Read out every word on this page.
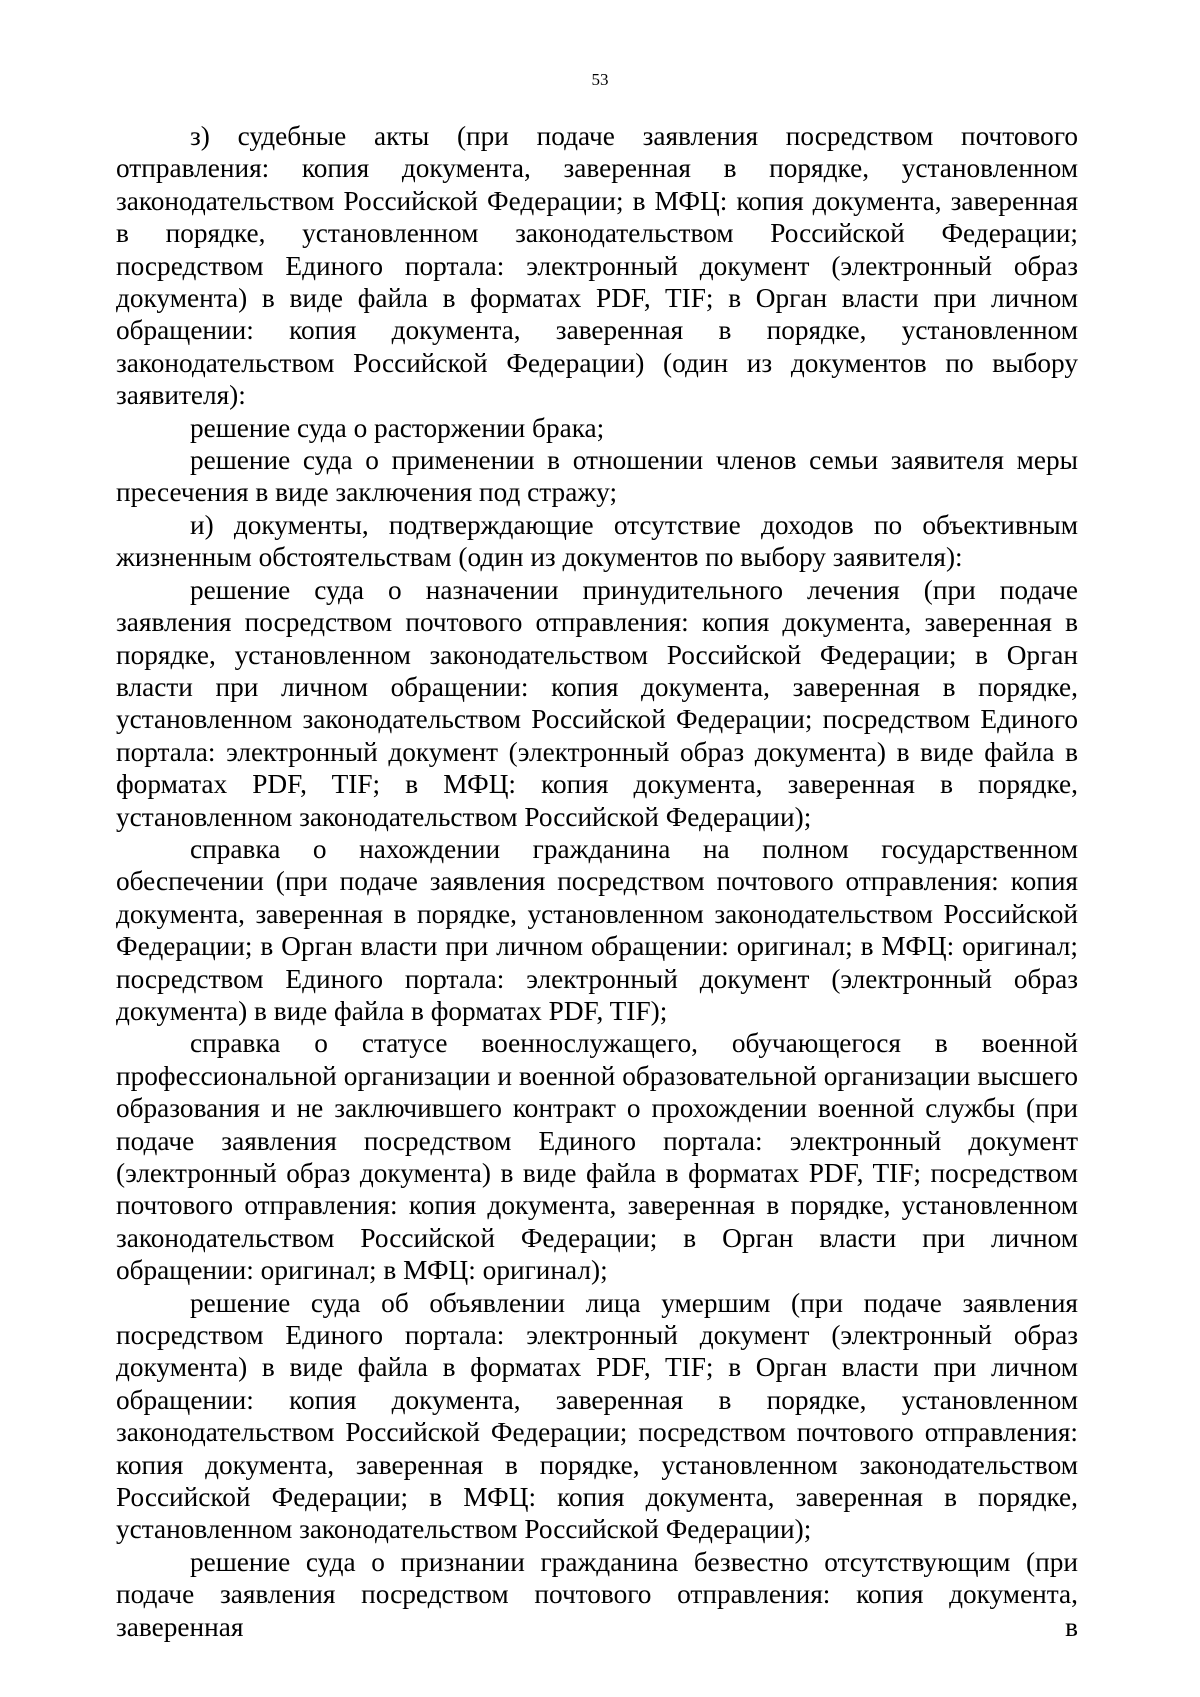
53

з) судебные акты (при подаче заявления посредством почтового отправления: копия документа, заверенная в порядке, установленном законодательством Российской Федерации; в МФЦ: копия документа, заверенная в порядке, установленном законодательством Российской Федерации; посредством Единого портала: электронный документ (электронный образ документа) в виде файла в форматах PDF, TIF; в Орган власти при личном обращении: копия документа, заверенная в порядке, установленном законодательством Российской Федерации) (один из документов по выбору заявителя):

решение суда о расторжении брака;

решение суда о применении в отношении членов семьи заявителя меры пресечения в виде заключения под стражу;

и) документы, подтверждающие отсутствие доходов по объективным жизненным обстоятельствам (один из документов по выбору заявителя):

решение суда о назначении принудительного лечения (при подаче заявления посредством почтового отправления: копия документа, заверенная в порядке, установленном законодательством Российской Федерации; в Орган власти при личном обращении: копия документа, заверенная в порядке, установленном законодательством Российской Федерации; посредством Единого портала: электронный документ (электронный образ документа) в виде файла в форматах PDF, TIF; в МФЦ: копия документа, заверенная в порядке, установленном законодательством Российской Федерации);

справка о нахождении гражданина на полном государственном обеспечении (при подаче заявления посредством почтового отправления: копия документа, заверенная в порядке, установленном законодательством Российской Федерации; в Орган власти при личном обращении: оригинал; в МФЦ: оригинал; посредством Единого портала: электронный документ (электронный образ документа) в виде файла в форматах PDF, TIF);

справка о статусе военнослужащего, обучающегося в военной профессиональной организации и военной образовательной организации высшего образования и не заключившего контракт о прохождении военной службы (при подаче заявления посредством Единого портала: электронный документ (электронный образ документа) в виде файла в форматах PDF, TIF; посредством почтового отправления: копия документа, заверенная в порядке, установленном законодательством Российской Федерации; в Орган власти при личном обращении: оригинал; в МФЦ: оригинал);

решение суда об объявлении лица умершим (при подаче заявления посредством Единого портала: электронный документ (электронный образ документа) в виде файла в форматах PDF, TIF; в Орган власти при личном обращении: копия документа, заверенная в порядке, установленном законодательством Российской Федерации; посредством почтового отправления: копия документа, заверенная в порядке, установленном законодательством Российской Федерации; в МФЦ: копия документа, заверенная в порядке, установленном законодательством Российской Федерации);

решение суда о признании гражданина безвестно отсутствующим (при подаче заявления посредством почтового отправления: копия документа, заверенная в
